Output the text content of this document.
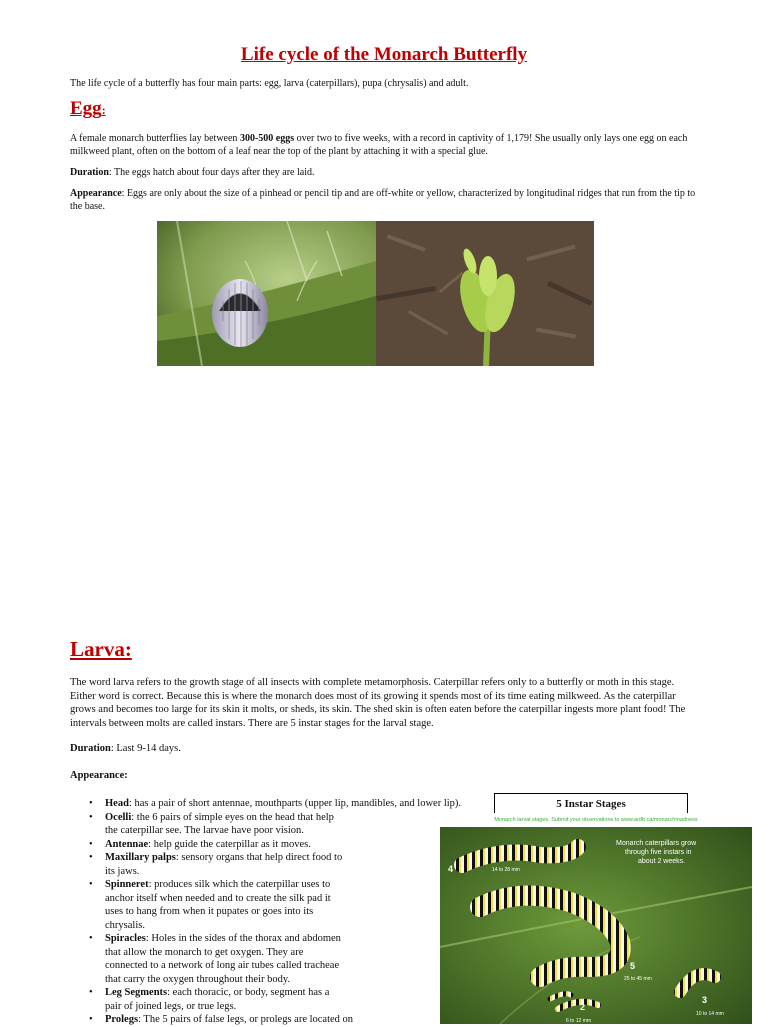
Life cycle of the Monarch Butterfly
The life cycle of a butterfly has four main parts: egg, larva (caterpillars), pupa (chrysalis) and adult.
Egg:
A female monarch butterflies lay between 300-500 eggs over two to five weeks, with a record in captivity of 1,179! She usually only lays one egg on each milkweed plant, often on the bottom of a leaf near the top of the plant by attaching it with a special glue.
Duration: The eggs hatch about four days after they are laid.
Appearance: Eggs are only about the size of a pinhead or pencil tip and are off-white or yellow, characterized by longitudinal ridges that run from the tip to the base.
Larva:
The word larva refers to the growth stage of all insects with complete metamorphosis. Caterpillar refers only to a butterfly or moth in this stage. Either word is correct. Because this is where the monarch does most of its growing it spends most of its time eating milkweed. As the caterpillar grows and becomes too large for its skin it molts, or sheds, its skin. The shed skin is often eaten before the caterpillar ingests more plant food! The intervals between molts are called instars. There are 5 instar stages for the larval stage.
Duration: Last 9-14 days.
Appearance:
• Head: has a pair of short antennae, mouthparts (upper lip, mandibles, and lower lip).
• Ocelli: the 6 pairs of simple eyes on the head that help the caterpillar see. The larvae have poor vision.
• Antennae: help guide the caterpillar as it moves.
• Maxillary palps: sensory organs that help direct food to its jaws.
• Spinneret: produces silk which the caterpillar uses to anchor itself when needed and to create the silk pad it uses to hang from when it pupates or goes into its chrysalis.
• Spiracles: Holes in the sides of the thorax and abdomen that allow the monarch to get oxygen. They are connected to a network of long air tubes called tracheae that carry the oxygen throughout their body.
• Leg Segments: each thoracic, or body, segment has a pair of joined legs, or true legs.
• Prolegs: The 5 pairs of false legs, or prolegs are located on
5 Instar Stages
Monarch larval stages. Submit your observations to www.ardb.ca/monarchmadness
Monarch caterpillars grow
through five instars in
about 2 weeks.
4	14 to 28 mm
5
25 to 45 mm
3
10 to 14 mm
2
6 to 12 mm
